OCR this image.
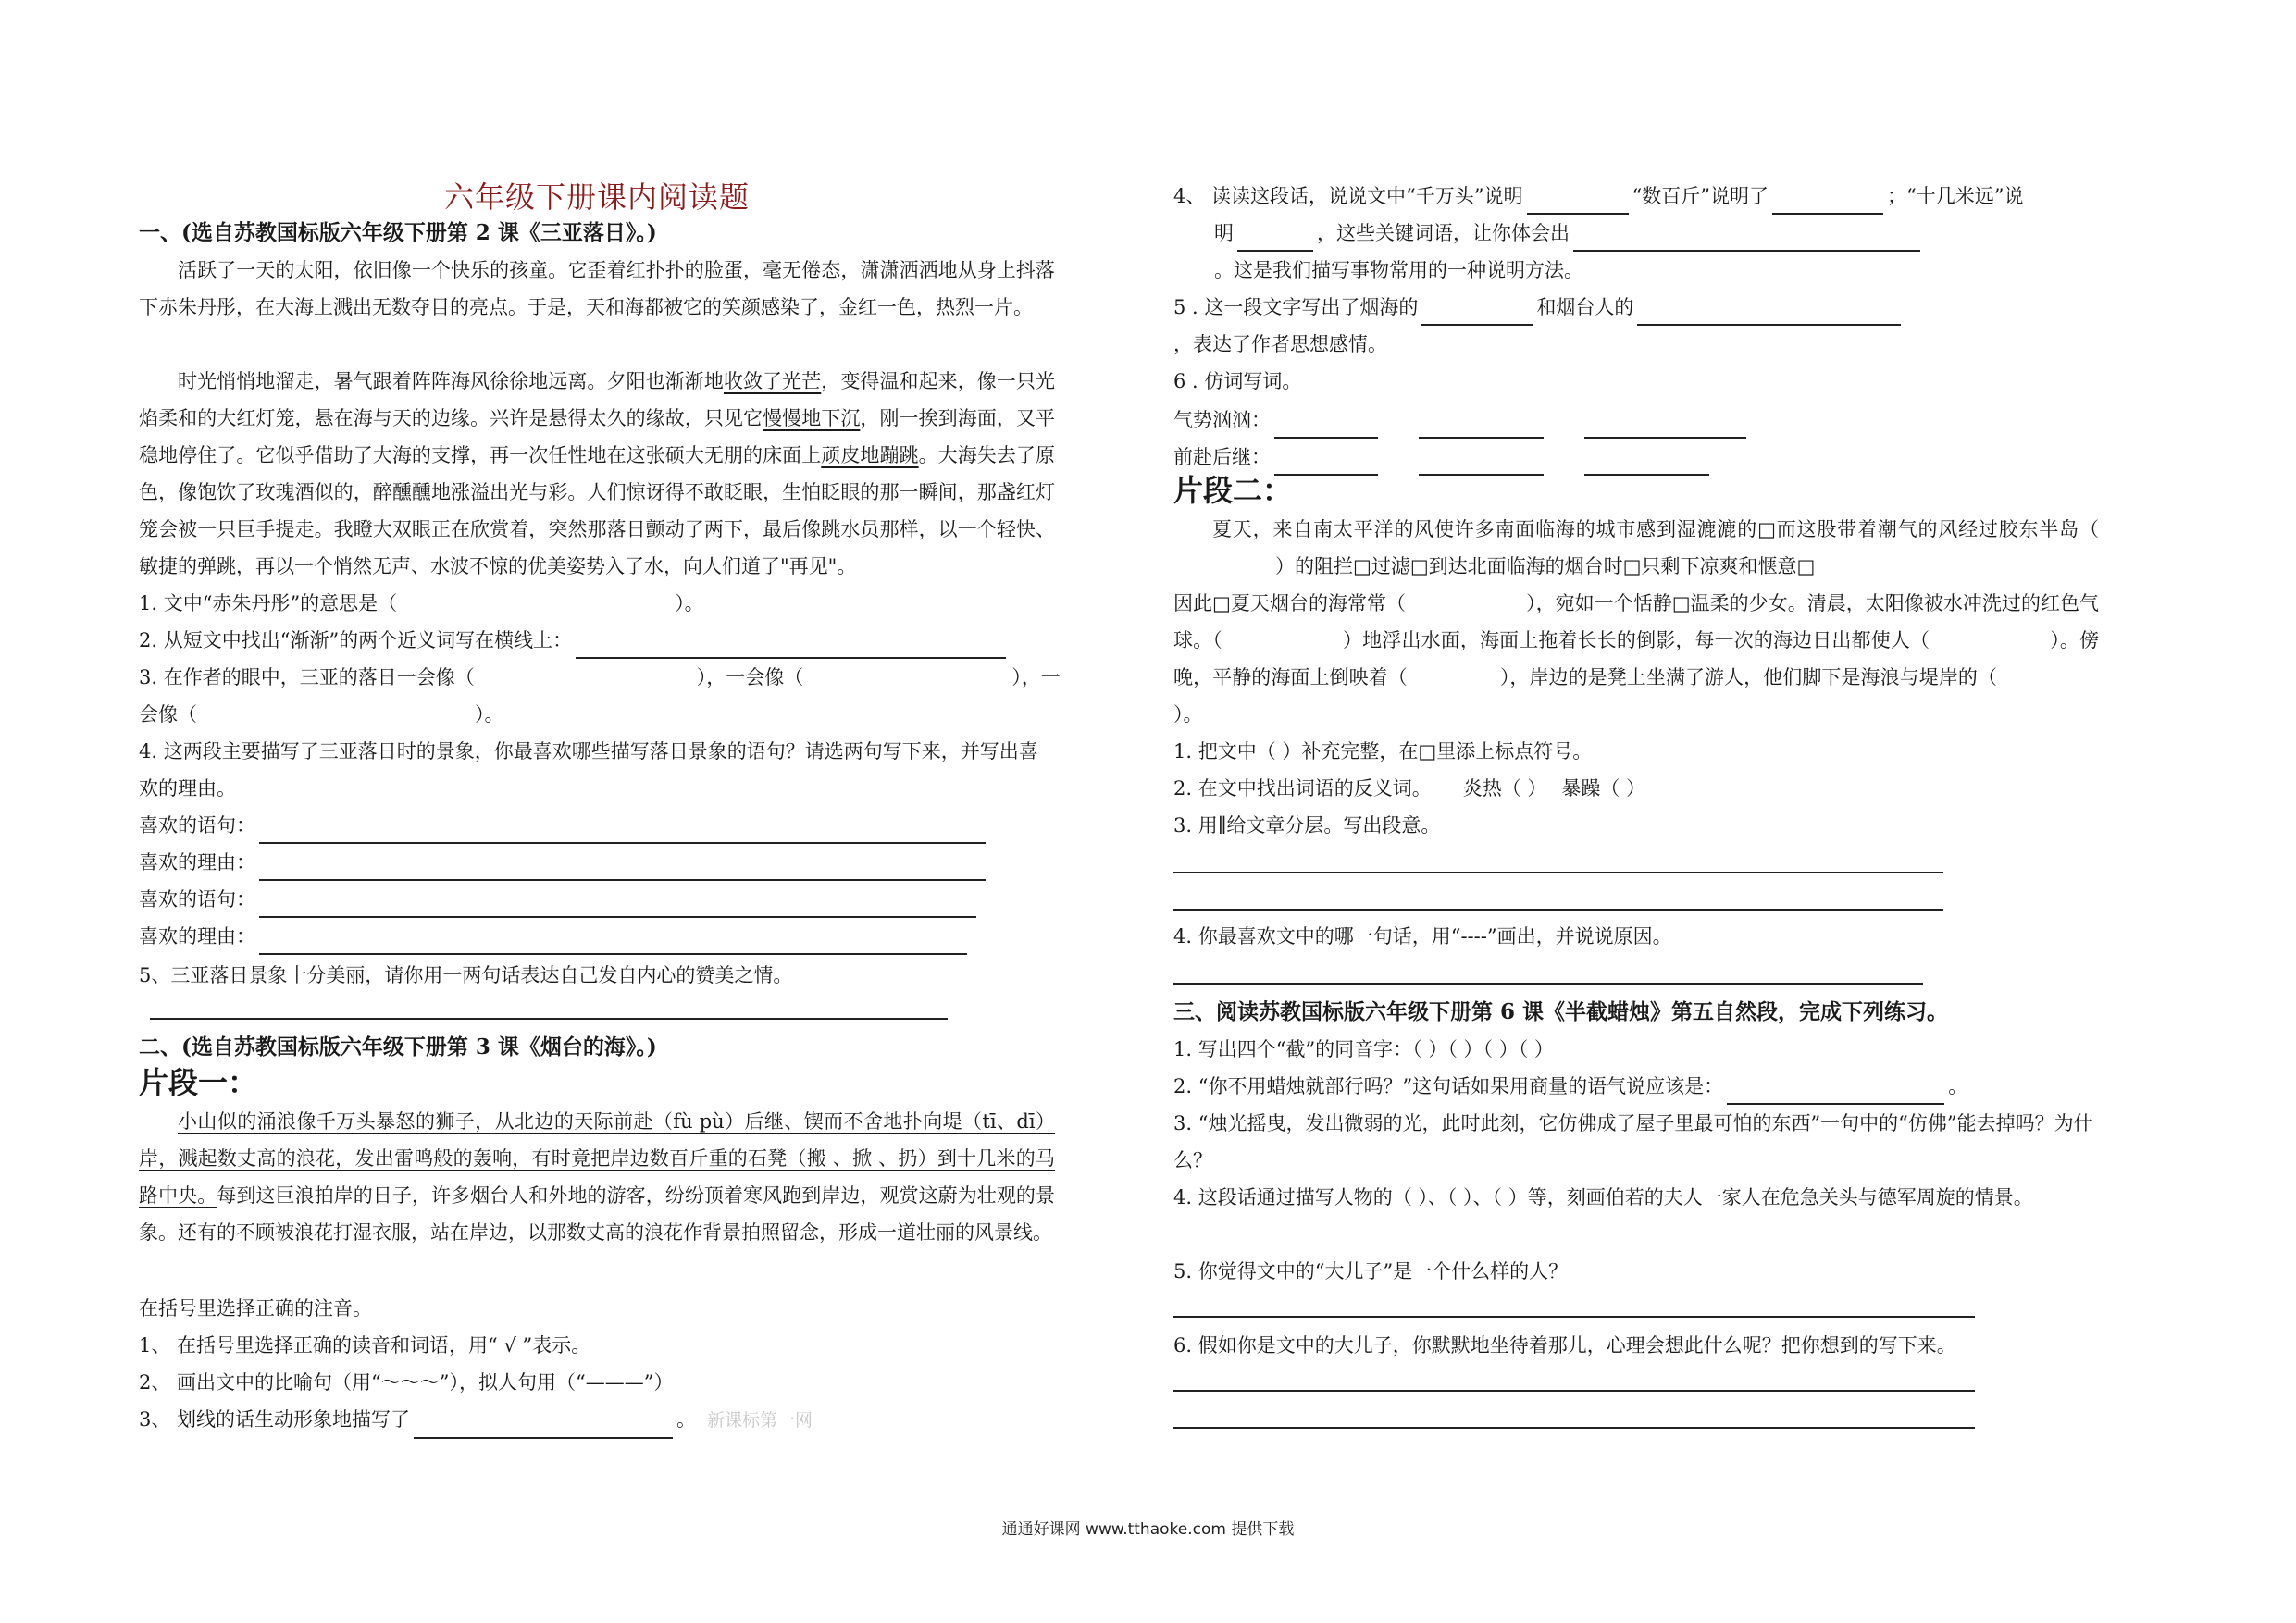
六年级下册课内阅读题
一、(选自苏教国标版六年级下册第 2 课《三亚落日》。)
活跃了一天的太阳，依旧像一个快乐的孩童。它歪着红扑扑的脸蛋，毫无倦态，潇潇洒洒地从身上抖落下赤朱丹彤，在大海上溅出无数夺目的亮点。于是，天和海都被它的笑颜感染了，金红一色，热烈一片。
时光悄悄地溜走，暑气跟着阵阵海风徐徐地远离。夕阳也渐渐地收敛了光芒，变得温和起来，像一只光焰柔和的大红灯笼，悬在海与天的边缘。兴许是悬得太久的缘故，只见它慢慢地下沉，刚一挨到海面，又平稳地停住了。它似乎借助了大海的支撑，再一次任性地在这张硕大无朋的床面上顽皮地蹦跳。大海失去了原色，像饱饮了玫瑰酒似的，醉醺醺地涨溢出光与彩。人们惊讶得不敢眨眼，生怕眨眼的那一瞬间，那盏红灯笼会被一只巨手提走。我瞪大双眼正在欣赏着，突然那落日颤动了两下，最后像跳水员那样，以一个轻快、敏捷的弹跳，再以一个悄然无声、水波不惊的优美姿势入了水，向人们道了"再见"。
1. 文中“赤朱丹彤”的意思是（	）。
2. 从短文中找出“渐渐”的两个近义词写在横线上：
3. 在作者的眼中，三亚的落日一会像（	），一会像（	），一
会像（	）。
4. 这两段主要描写了三亚落日时的景象，你最喜欢哪些描写落日景象的语句？请选两句写下来，并写出喜欢的理由。
喜欢的语句：
喜欢的理由：
喜欢的语句：
喜欢的理由：
5、三亚落日景象十分美丽，请你用一两句话表达自己发自内心的赞美之情。
二、(选自苏教国标版六年级下册第 3 课《烟台的海》。)
片段一：
小山似的涌浪像千万头暴怒的狮子，从北边的天际前赴（fù pù）后继、锲而不舍地扑向堤（tī、dī）岸，溅起数丈高的浪花，发出雷鸣般的轰响，有时竟把岸边数百斤重的石凳（搬 、掀 、扔）到十几米的马路中央。每到这巨浪拍岸的日子，许多烟台人和外地的游客，纷纷顶着寒风跑到岸边，观赏这蔚为壮观的景象。还有的不顾被浪花打湿衣服，站在岸边，以那数丈高的浪花作背景拍照留念，形成一道壮丽的风景线。
在括号里选择正确的注音。
1、 在括号里选择正确的读音和词语，用“ √ ”表示。
2、 画出文中的比喻句（用“～～～”），拟人句用（“———”）
3、 划线的话生动形象地描写了	。 新课标第一网
4、 读读这段话，说说文中“千万头”说明	“数百斤”说明了	；“十几米远”说
明	，这些关键词语，让你体会出
。这是我们描写事物常用的一种说明方法。
5 . 这一段文字写出了烟海的	和烟台人的
，表达了作者思想感情。
6 . 仿词写词。
气势汹汹：
前赴后继：
片段二：
夏天，来自南太平洋的风使许多南面临海的城市感到湿漉漉的□而这股带着潮气的风经过胶东半岛（）的阻拦□过滤□到达北面临海的烟台时□只剩下凉爽和惬意□
因此□夏天烟台的海常常（	），宛如一个恬静□温柔的少女。清晨，太阳像被水冲洗过的红色气球。（	）地浮出水面，海面上拖着长长的倒影，每一次的海边日出都使人（	）。傍晚，平静的海面上倒映着（	），岸边的是凳上坐满了游人，他们脚下是海浪与堤岸的（）。
1. 把文中（ ）补充完整，在□里添上标点符号。
2. 在文中找出词语的反义词。 炎热（ ） 暴躁（ ）
3. 用∥给文章分层。写出段意。
4. 你最喜欢文中的哪一句话，用“----”画出，并说说原因。
三、阅读苏教国标版六年级下册第 6 课《半截蜡烛》第五自然段，完成下列练习。
1. 写出四个“截”的同音字：（ ）（ ）（ ）（ ）
2. “你不用蜡烛就部行吗？”这句话如果用商量的语气说应该是：	。
3. “烛光摇曳，发出微弱的光，此时此刻，它仿佛成了屋子里最可怕的东西”一句中的“仿佛”能去掉吗？为什么？
4. 这段话通过描写人物的（ ）、（ ）、（ ）等，刻画伯若的夫人一家人在危急关头与德军周旋的情景。
5. 你觉得文中的“大儿子”是一个什么样的人？
6. 假如你是文中的大儿子，你默默地坐待着那儿，心理会想此什么呢？把你想到的写下来。
通通好课网 www.tthaoke.com 提供下载
